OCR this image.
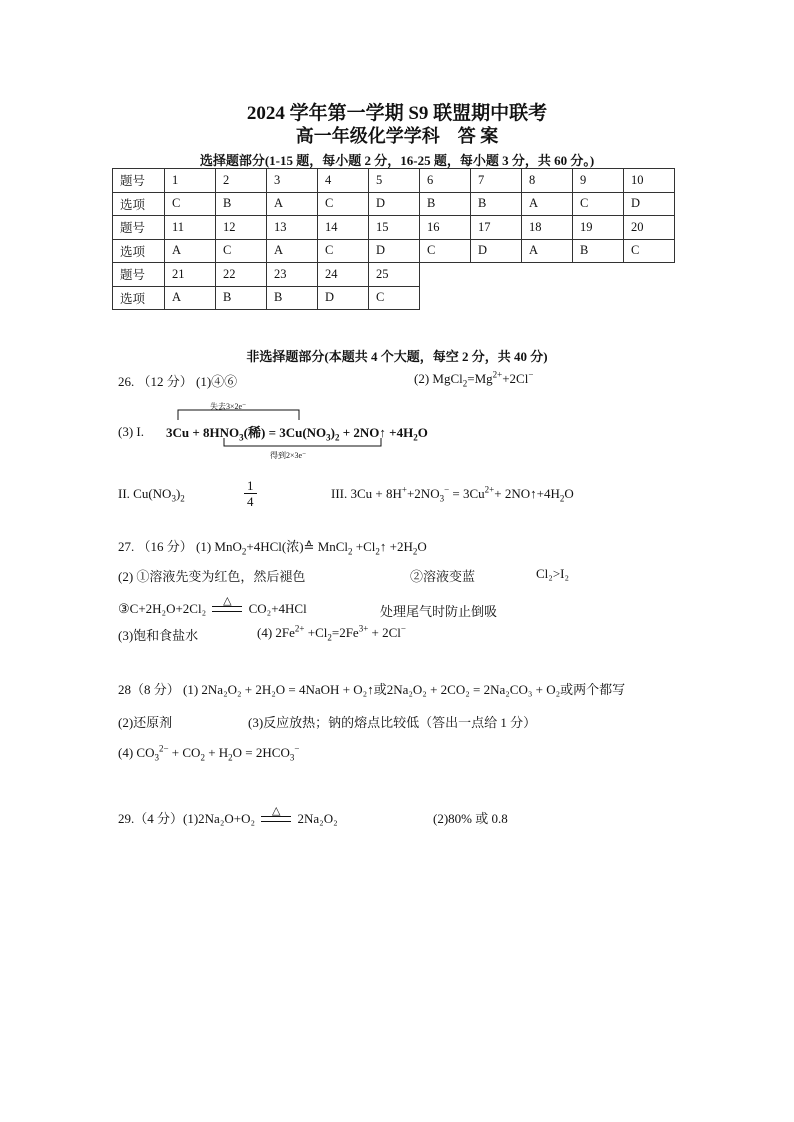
2024 学年第一学期 S9 联盟期中联考
高一年级化学学科　答 案
选择题部分(1-15 题，每小题 2 分，16-25 题，每小题 3 分，共 60 分。)
题号	1	2	3	4	5	6	7	8	9	10
选项	C	B	A	C	D	B	B	A	C	D
题号	11	12	13	14	15	16	17	18	19	20
选项	A	C	A	C	D	C	D	A	B	C
题号	21	22	23	24	25					
选项	A	B	B	D	C					
非选择题部分(本题共 4 个大题，每空 2 分，共 40 分)
26. （12 分） (1)④⑥	(2) $MgCl_2=Mg^{2+}+2Cl^-$
(3) I.
失去3×2e⁻
得到2×3e⁻
$3Cu + 8HNO_3$(稀) = $3Cu(NO_3)_2$ + 2NO↑ $+4H_2O$
II. $Cu(NO_3)_2$	$\frac{1}{4}$	III. $3Cu + 8H^++2NO_3^- = 3Cu^{2+}+$ $2NO↑+4H_2O$
27. （16 分） (1) MnO$_2$+4HCl(浓)≙ MnCl$_2$ $+Cl_2↑ +2H_2O$
(2) ①溶液先变为红色，然后褪色	②溶液变蓝	Cl₂>I₂
③C+2H₂O+2Cl₂ △ CO₂+4HCl	处理尾气时防止倒吸
(3)饱和食盐水	(4) $2Fe^{2+} +Cl_2=2Fe^{3+} + 2Cl^-$
28（8 分） (1) 2Na₂O₂ + 2H₂O = 4NaOH + O₂↑或2Na₂O₂ + 2CO₂ = 2Na₂CO₃ + O₂或两个都写
(2)还原剂	(3)反应放热；钠的熔点比较低（答出一点给 1 分）
(4) $CO_3^{2-} + CO_2 + H_2O = 2HCO_3^-$
29.（4 分）(1)2Na₂O+O₂ △ 2Na₂O₂	(2)80% 或 0.8
